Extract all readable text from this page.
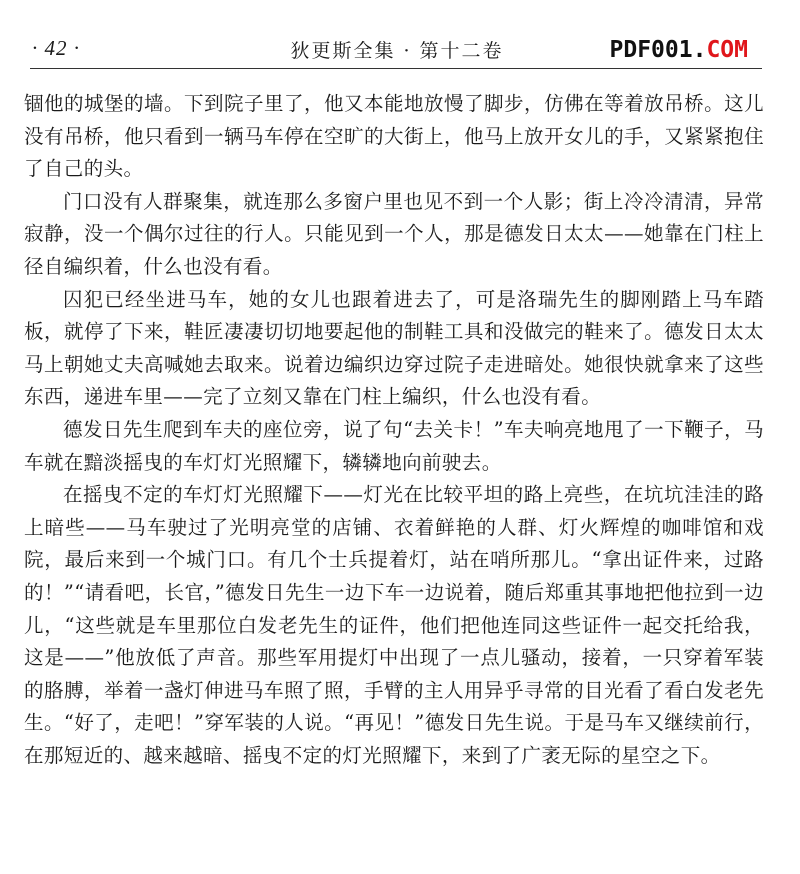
· 42 ·	狄更斯全集 · 第十二卷	PDF001.COM

锢他的城堡的墙。下到院子里了，他又本能地放慢了脚步，仿佛在等着放吊桥。这儿没有吊桥，他只看到一辆马车停在空旷的大街上，他马上放开女儿的手，又紧紧抱住了自己的头。

门口没有人群聚集，就连那么多窗户里也见不到一个人影；街上冷冷清清，异常寂静，没一个偶尔过往的行人。只能见到一个人，那是德发日太太——她靠在门柱上径自编织着，什么也没有看。

囚犯已经坐进马车，她的女儿也跟着进去了，可是洛瑞先生的脚刚踏上马车踏板，就停了下来，鞋匠凄凄切切地要起他的制鞋工具和没做完的鞋来了。德发日太太马上朝她丈夫高喊她去取来。说着边编织边穿过院子走进暗处。她很快就拿来了这些东西，递进车里——完了立刻又靠在门柱上编织，什么也没有看。

德发日先生爬到车夫的座位旁，说了句“去关卡！”车夫响亮地甩了一下鞭子，马车就在黯淡摇曳的车灯灯光照耀下，辚辚地向前驶去。

在摇曳不定的车灯灯光照耀下——灯光在比较平坦的路上亮些，在坑坑洼洼的路上暗些——马车驶过了光明亮堂的店铺、衣着鲜艳的人群、灯火辉煌的咖啡馆和戏院，最后来到一个城门口。有几个士兵提着灯，站在哨所那儿。“拿出证件来，过路的！”“请看吧，长官，”德发日先生一边下车一边说着，随后郑重其事地把他拉到一边儿，“这些就是车里那位白发老先生的证件，他们把他连同这些证件一起交托给我，这是——”他放低了声音。那些军用提灯中出现了一点儿骚动，接着，一只穿着军装的胳膊，举着一盏灯伸进马车照了照，手臂的主人用异乎寻常的目光看了看白发老先生。“好了，走吧！”穿军装的人说。“再见！”德发日先生说。于是马车又继续前行，在那短近的、越来越暗、摇曳不定的灯光照耀下，来到了广袤无际的星空之下。
